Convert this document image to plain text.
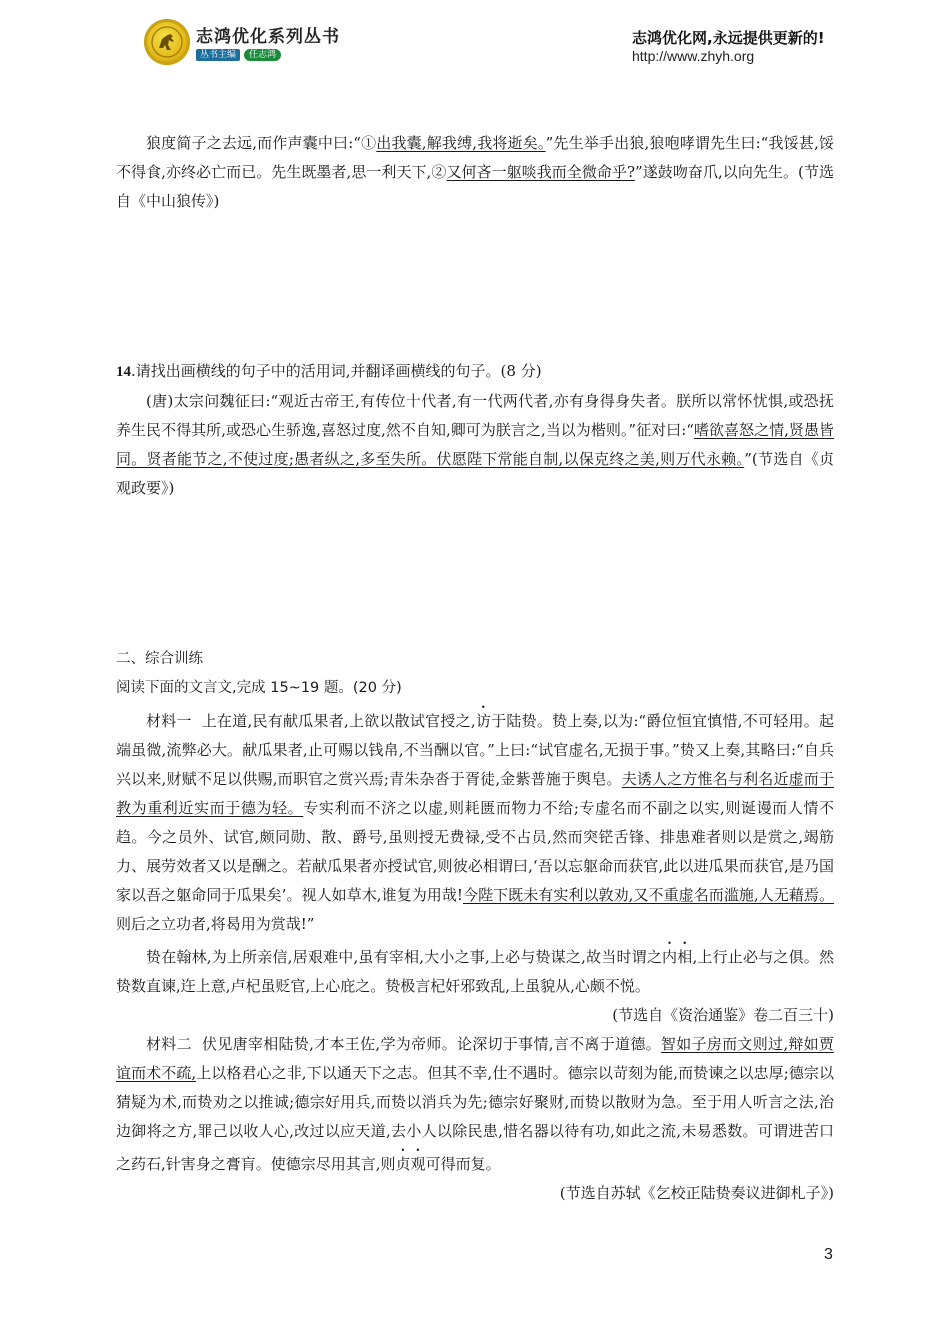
志鸿优化系列丛书
丛书主编 任志鸿
志鸿优化网,永远提供更新的!
http://www.zhyh.org

狼度简子之去远,而作声囊中曰:“①出我囊,解我缚,我将逝矣。”先生举手出狼,狼咆哮谓先生曰:“我馁甚,馁不得食,亦终必亡而已。先生既墨者,思一利天下,②又何吝一躯啖我而全微命乎?”遂鼓吻奋爪,以向先生。(节选自《中山狼传》)

14.请找出画横线的句子中的活用词,并翻译画横线的句子。(8 分)

(唐)太宗问魏征曰:“观近古帝王,有传位十代者,有一代两代者,亦有身得身失者。朕所以常怀忧惧,或恐抚养生民不得其所,或恐心生骄逸,喜怒过度,然不自知,卿可为朕言之,当以为楷则。”征对曰:“嗜欲喜怒之情,贤愚皆同。贤者能节之,不使过度;愚者纵之,多至失所。伏愿陛下常能自制,以保克终之美,则万代永赖。”(节选自《贞观政要》)

二、综合训练

阅读下面的文言文,完成 15~19 题。(20 分)

材料一 上在道,民有献瓜果者,上欲以散试官授之,访于陆贽。贽上奏,以为:“爵位恒宜慎惜,不可轻用。起端虽微,流弊必大。献瓜果者,止可赐以钱帛,不当酬以官。”上曰:“试官虚名,无损于事。”贽又上奏,其略曰:“自兵兴以来,财赋不足以供赐,而职官之赏兴焉;青朱杂沓于胥徒,金紫普施于舆皂。夫诱人之方惟名与利名近虚而于教为重利近实而于德为轻。专实利而不济之以虚,则耗匮而物力不给;专虚名而不副之以实,则诞谩而人情不趋。今之员外、试官,颇同勋、散、爵号,虽则授无费禄,受不占员,然而突铓舌锋、排患难者则以是赏之,竭筋力、展劳效者又以是酬之。若献瓜果者亦授试官,则彼必相谓曰,‘吾以忘躯命而获官,此以进瓜果而获官,是乃国家以吾之躯命同于瓜果矣’。视人如草木,谁复为用哉!今陛下既未有实利以敦劝,又不重虚名而滥施,人无藉焉。则后之立功者,将曷用为赏哉!”

贽在翰林,为上所亲信,居艰难中,虽有宰相,大小之事,上必与贽谋之,故当时谓之内相,上行止必与之俱。然贽数直谏,迕上意,卢杞虽贬官,上心庇之。贽极言杞奸邪致乱,上虽貌从,心颇不悦。

(节选自《资治通鉴》卷二百三十)

材料二 伏见唐宰相陆贽,才本王佐,学为帝师。论深切于事情,言不离于道德。智如子房而文则过,辩如贾谊而术不疏,上以格君心之非,下以通天下之志。但其不幸,仕不遇时。德宗以苛刻为能,而贽谏之以忠厚;德宗以猜疑为术,而贽劝之以推诚;德宗好用兵,而贽以消兵为先;德宗好聚财,而贽以散财为急。至于用人听言之法,治边御将之方,罪己以收人心,改过以应天道,去小人以除民患,惜名器以待有功,如此之流,未易悉数。可谓进苦口之药石,针害身之膏肓。使德宗尽用其言,则贞观可得而复。

(节选自苏轼《乞校正陆贽奏议进御札子》)

3
